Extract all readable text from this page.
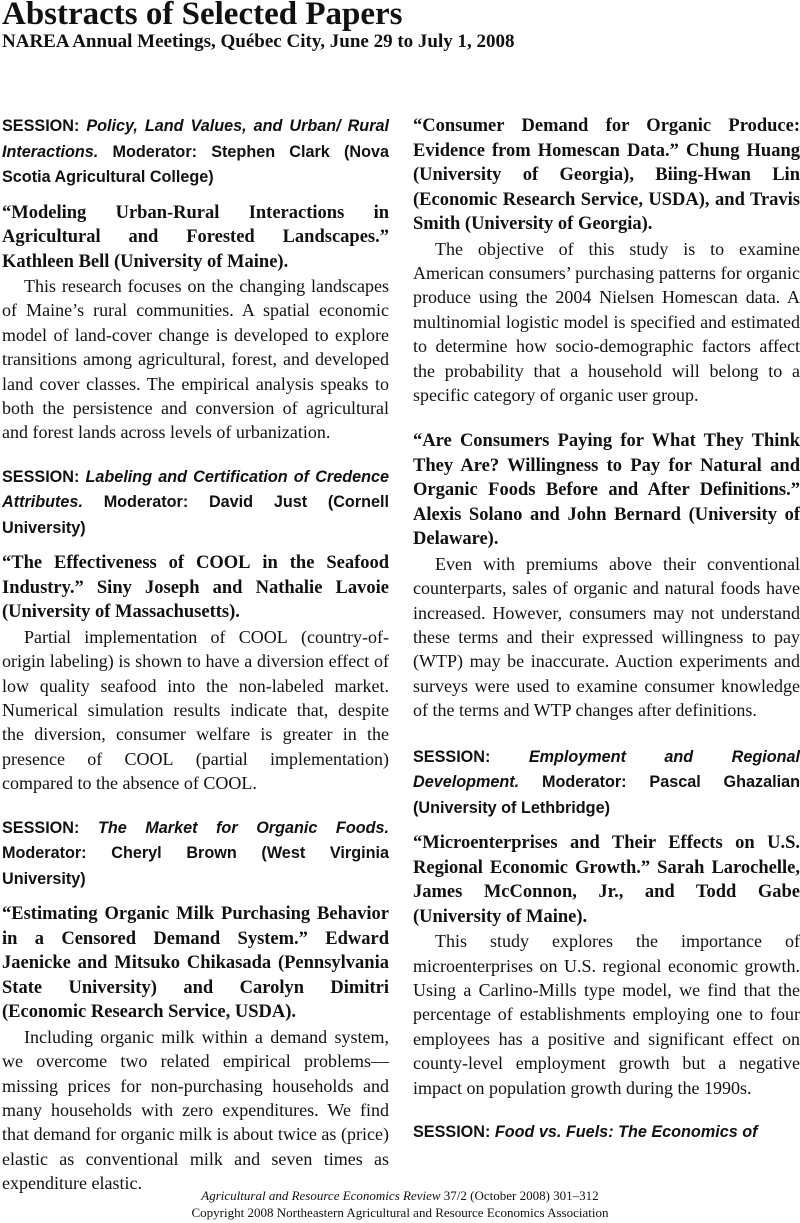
Abstracts of Selected Papers
NAREA Annual Meetings, Québec City, June 29 to July 1, 2008

SESSION: Policy, Land Values, and Urban/ Rural Interactions. Moderator: Stephen Clark (Nova Scotia Agricultural College)

“Modeling Urban-Rural Interactions in Agricultural and Forested Landscapes.” Kathleen Bell (University of Maine).

This research focuses on the changing landscapes of Maine’s rural communities. A spatial economic model of land-cover change is developed to explore transitions among agricultural, forest, and developed land cover classes. The empirical analysis speaks to both the persistence and conversion of agricultural and forest lands across levels of urbanization.

SESSION: Labeling and Certification of Credence Attributes. Moderator: David Just (Cornell University)

“The Effectiveness of COOL in the Seafood Industry.” Siny Joseph and Nathalie Lavoie (University of Massachusetts).

Partial implementation of COOL (country-of-origin labeling) is shown to have a diversion effect of low quality seafood into the non-labeled market. Numerical simulation results indicate that, despite the diversion, consumer welfare is greater in the presence of COOL (partial implementation) compared to the absence of COOL.

SESSION: The Market for Organic Foods. Moderator: Cheryl Brown (West Virginia University)

“Estimating Organic Milk Purchasing Behavior in a Censored Demand System.” Edward Jaenicke and Mitsuko Chikasada (Pennsylvania State University) and Carolyn Dimitri (Economic Research Service, USDA).

Including organic milk within a demand system, we overcome two related empirical problems—missing prices for non-purchasing households and many households with zero expenditures. We find that demand for organic milk is about twice as (price) elastic as conventional milk and seven times as expenditure elastic.

“Consumer Demand for Organic Produce: Evidence from Homescan Data.” Chung Huang (University of Georgia), Biing-Hwan Lin (Economic Research Service, USDA), and Travis Smith (University of Georgia).

The objective of this study is to examine American consumers’ purchasing patterns for organic produce using the 2004 Nielsen Homescan data. A multinomial logistic model is specified and estimated to determine how socio-demographic factors affect the probability that a household will belong to a specific category of organic user group.

“Are Consumers Paying for What They Think They Are? Willingness to Pay for Natural and Organic Foods Before and After Definitions.” Alexis Solano and John Bernard (University of Delaware).

Even with premiums above their conventional counterparts, sales of organic and natural foods have increased. However, consumers may not understand these terms and their expressed willingness to pay (WTP) may be inaccurate. Auction experiments and surveys were used to examine consumer knowledge of the terms and WTP changes after definitions.

SESSION: Employment and Regional Development. Moderator: Pascal Ghazalian (University of Lethbridge)

“Microenterprises and Their Effects on U.S. Regional Economic Growth.” Sarah Larochelle, James McConnon, Jr., and Todd Gabe (University of Maine).

This study explores the importance of microenterprises on U.S. regional economic growth. Using a Carlino-Mills type model, we find that the percentage of establishments employing one to four employees has a positive and significant effect on county-level employment growth but a negative impact on population growth during the 1990s.

SESSION: Food vs. Fuels: The Economics of

Agricultural and Resource Economics Review 37/2 (October 2008) 301–312
Copyright 2008 Northeastern Agricultural and Resource Economics Association
